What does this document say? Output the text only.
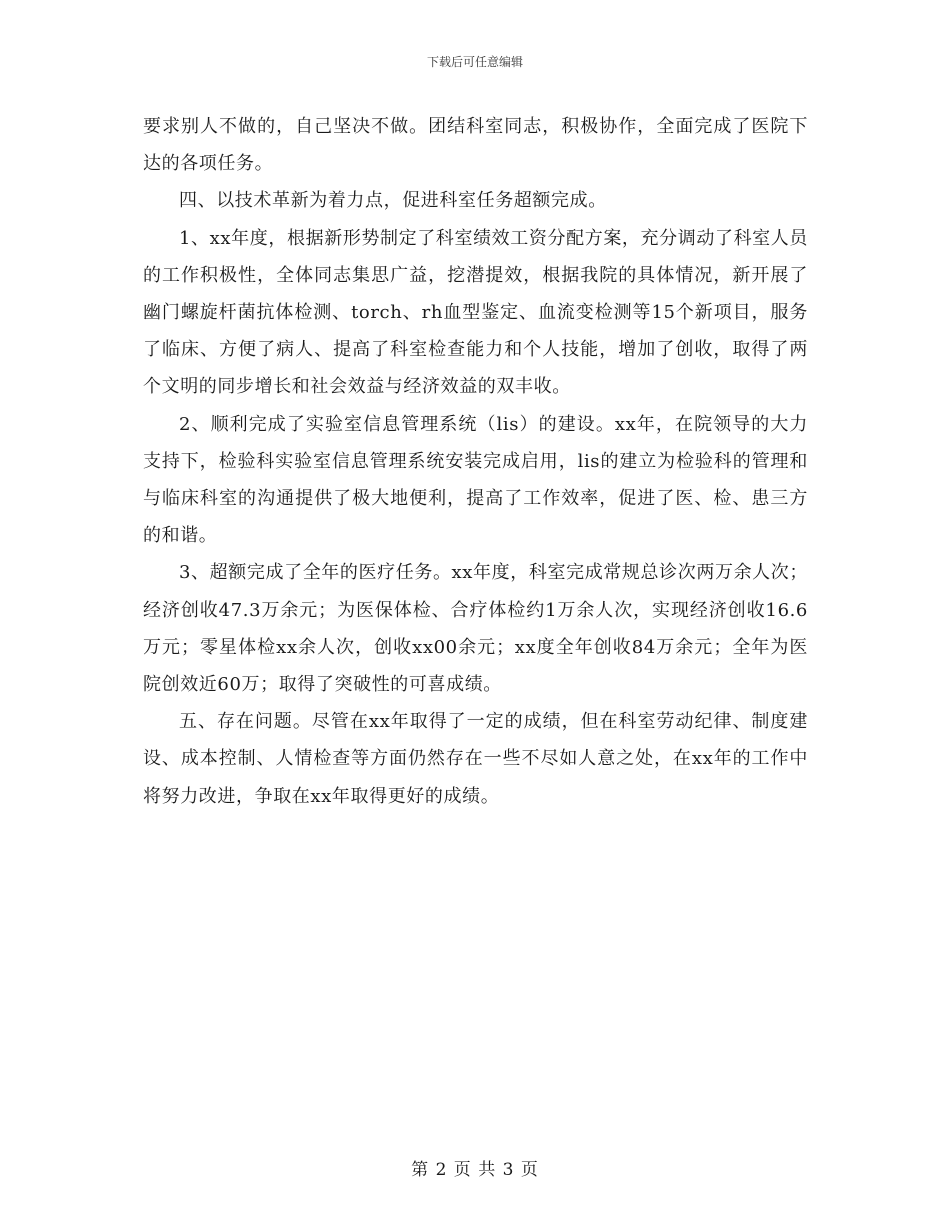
下载后可任意编辑

要求别人不做的，自己坚决不做。团结科室同志，积极协作，全面完成了医院下达的各项任务。

四、以技术革新为着力点，促进科室任务超额完成。

1、xx年度，根据新形势制定了科室绩效工资分配方案，充分调动了科室人员的工作积极性，全体同志集思广益，挖潜提效，根据我院的具体情况，新开展了幽门螺旋杆菌抗体检测、torch、rh血型鉴定、血流变检测等15个新项目，服务了临床、方便了病人、提高了科室检查能力和个人技能，增加了创收，取得了两个文明的同步增长和社会效益与经济效益的双丰收。

2、顺利完成了实验室信息管理系统（lis）的建设。xx年，在院领导的大力支持下，检验科实验室信息管理系统安装完成启用，lis的建立为检验科的管理和与临床科室的沟通提供了极大地便利，提高了工作效率，促进了医、检、患三方的和谐。

3、超额完成了全年的医疗任务。xx年度，科室完成常规总诊次两万余人次；经济创收47.3万余元；为医保体检、合疗体检约1万余人次，实现经济创收16.6万元；零星体检xx余人次，创收xx00余元；xx度全年创收84万余元；全年为医院创效近60万；取得了突破性的可喜成绩。

五、存在问题。尽管在xx年取得了一定的成绩，但在科室劳动纪律、制度建设、成本控制、人情检查等方面仍然存在一些不尽如人意之处，在xx年的工作中将努力改进，争取在xx年取得更好的成绩。

第 2 页 共 3 页
